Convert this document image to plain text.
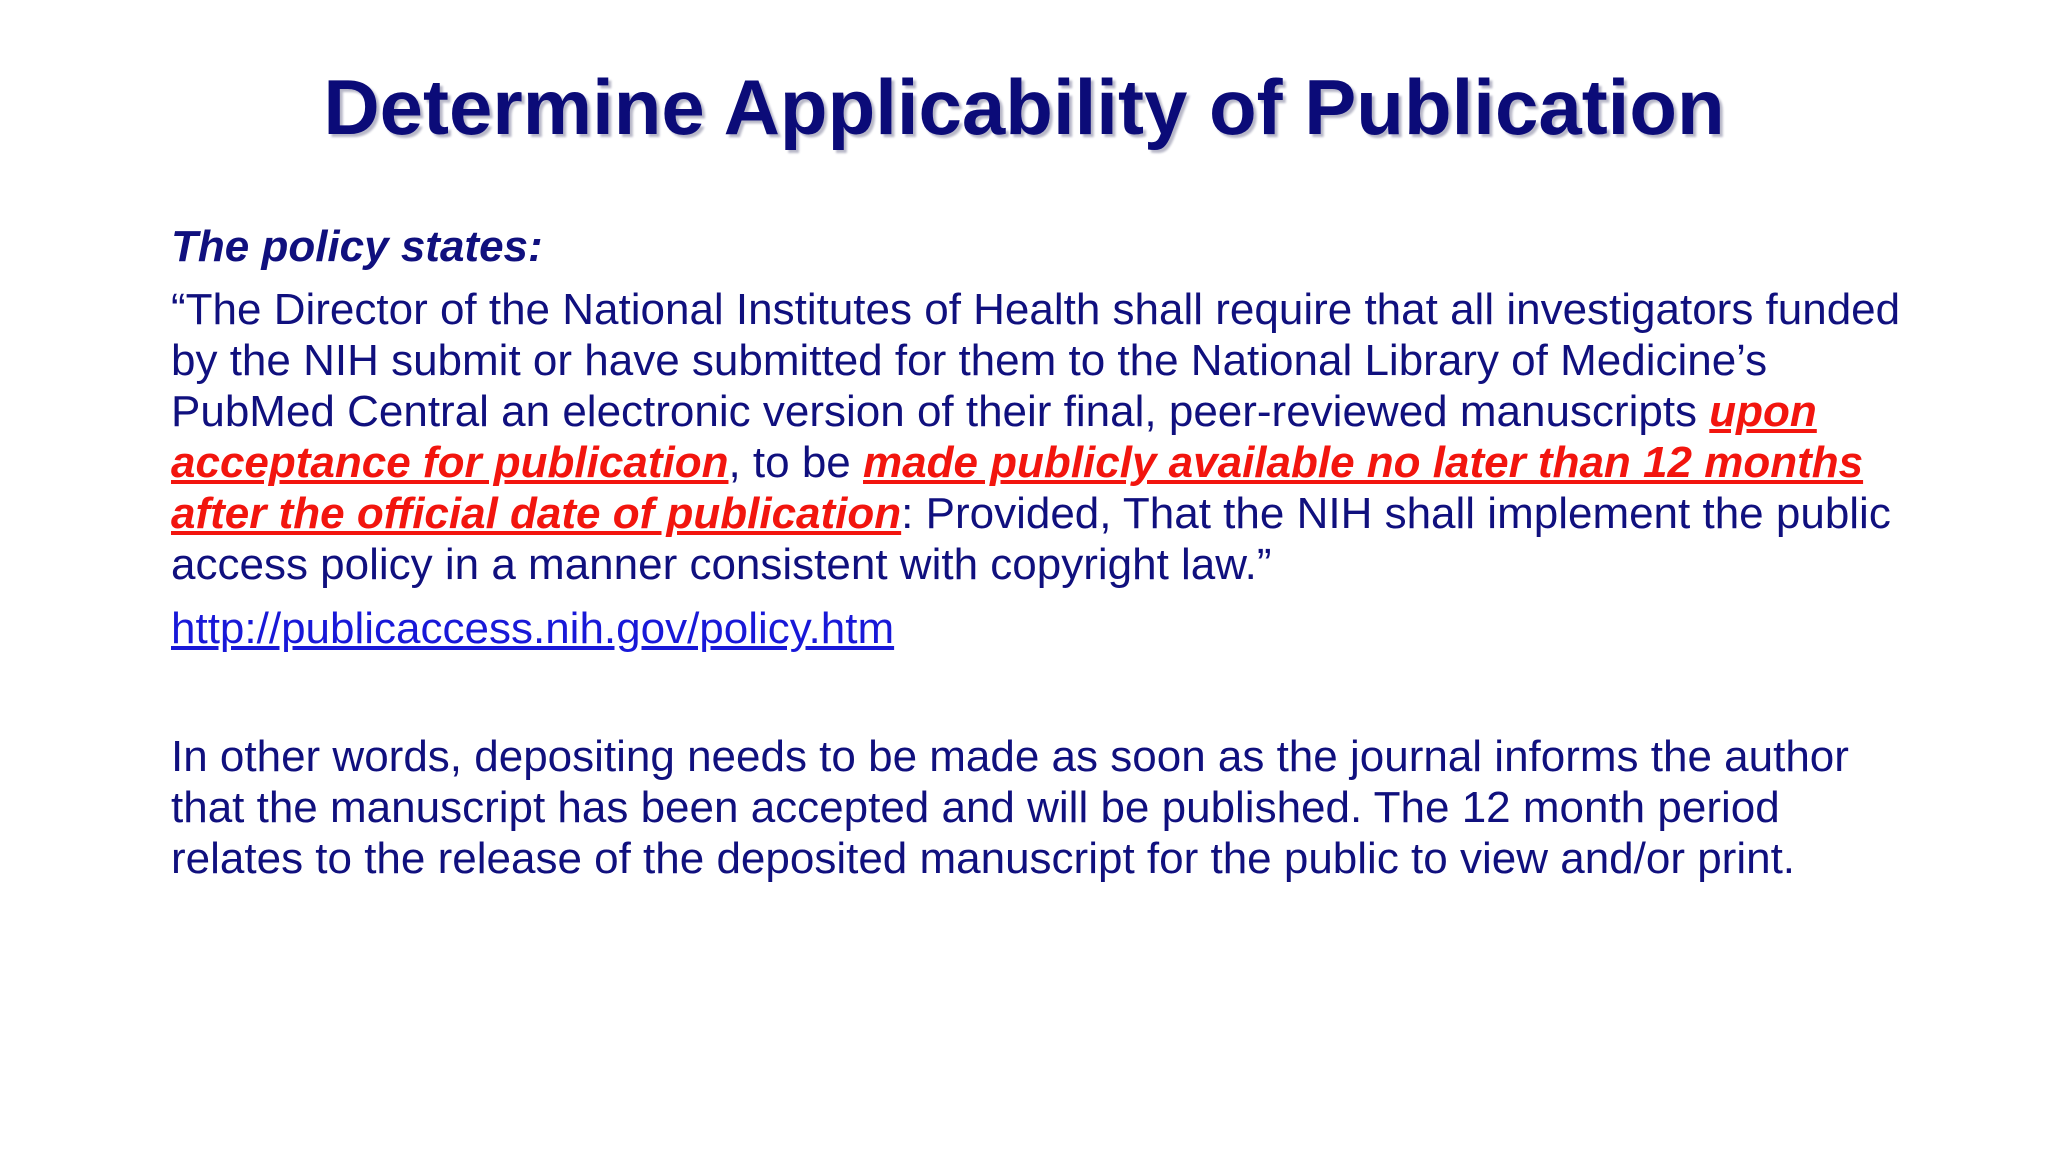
Determine Applicability of Publication

The policy states:

“The Director of the National Institutes of Health shall require that all investigators funded by the NIH submit or have submitted for them to the National Library of Medicine’s PubMed Central an electronic version of their final, peer-reviewed manuscripts upon acceptance for publication, to be made publicly available no later than 12 months after the official date of publication: Provided, That the NIH shall implement the public access policy in a manner consistent with copyright law.”

http://publicaccess.nih.gov/policy.htm

In other words, depositing needs to be made as soon as the journal informs the author that the manuscript has been accepted and will be published. The 12 month period relates to the release of the deposited manuscript for the public to view and/or print.
